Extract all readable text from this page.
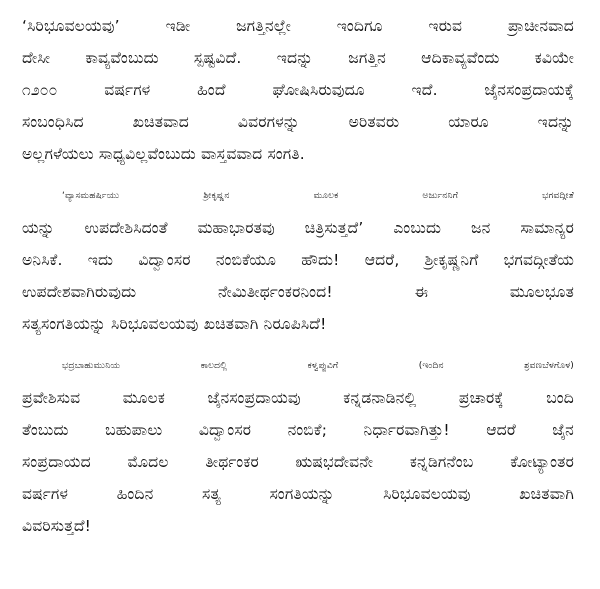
‘ಸಿರಿಭೂವಲಯವು’ ಇಡೀ ಜಗತ್ತಿನಲ್ಲೇ ಇಂದಿಗೂ ಇರುವ ಪ್ರಾಚೀನವಾದ
ದೇಸೀ ಕಾವ್ಯವೆಂಬುದು ಸ್ಪಷ್ಟವಿದೆ. ಇದನ್ನು ಜಗತ್ತಿನ ಆದಿಕಾವ್ಯವೆಂದು ಕವಿಯೇ
೧೨೦೦ ವರ್ಷಗಳ ಹಿಂದೆ ಘೋಷಿಸಿರುವುದೂ ಇದೆ. ಜೈನಸಂಪ್ರದಾಯಕ್ಕೆ
ಸಂಬಂಧಿಸಿದ ಖಚಿತವಾದ ವಿವರಗಳನ್ನು ಅರಿತವರು ಯಾರೂ ಇದನ್ನು
ಅಲ್ಲಗಳೆಯಲು ಸಾಧ್ಯವಿಲ್ಲವೆಂಬುದು ವಾಸ್ತವವಾದ ಸಂಗತಿ.
‘ವ್ಯಾಸಮಹರ್ಷಿಯು ಶ್ರೀಕೃಷ್ಣನ ಮೂಲಕ ಅರ್ಜುನನಿಗೆ ಭಗವದ್ಗೀತೆ
ಯನ್ನು ಉಪದೇಶಿಸಿದಂತೆ ಮಹಾಭಾರತವು ಚಿತ್ರಿಸುತ್ತದೆ’ ಎಂಬುದು ಜನ ಸಾಮಾನ್ಯರ
ಅನಿಸಿಕೆ. ಇದು ವಿದ್ವಾಂಸರ ನಂಬಿಕೆಯೂ ಹೌದು! ಆದರೆ, ಶ್ರೀಕೃಷ್ಣನಿಗೆ ಭಗವದ್ಗೀತೆಯ
ಉಪದೇಶವಾಗಿರುವುದು ನೇಮಿತೀರ್ಥಂಕರನಿಂದ! ಈ ಮೂಲಭೂತ
ಸತ್ಯಸಂಗತಿಯನ್ನು ಸಿರಿಭೂವಲಯವು ಖಚಿತವಾಗಿ ನಿರೂಪಿಸಿದೆ!
ಭದ್ರಬಾಹುಮುನಿಯ ಕಾಲದಲ್ಲಿ ಕಳ್ವಪ್ಪುವಿಗೆ (ಇಂದಿನ ಶ್ರವಣಬೆಳಗೊಳ)
ಪ್ರವೇಶಿಸುವ ಮೂಲಕ ಜೈನಸಂಪ್ರದಾಯವು ಕನ್ನಡನಾಡಿನಲ್ಲಿ ಪ್ರಚಾರಕ್ಕೆ ಬಂದಿ
ತೆಂಬುದು ಬಹುಪಾಲು ವಿದ್ವಾಂಸರ ನಂಬಿಕೆ; ನಿರ್ಧಾರವಾಗಿತ್ತು! ಆದರೆ ಜೈನ
ಸಂಪ್ರದಾಯದ ಮೊದಲ ತೀರ್ಥಂಕರ ಋಷಭದೇವನೇ ಕನ್ನಡಿಗನೆಂಬ ಕೋಟ್ಯಾಂತರ
ವರ್ಷಗಳ ಹಿಂದಿನ ಸತ್ಯ ಸಂಗತಿಯನ್ನು ಸಿರಿಭೂವಲಯವು ಖಚಿತವಾಗಿ
ವಿವರಿಸುತ್ತದೆ!
